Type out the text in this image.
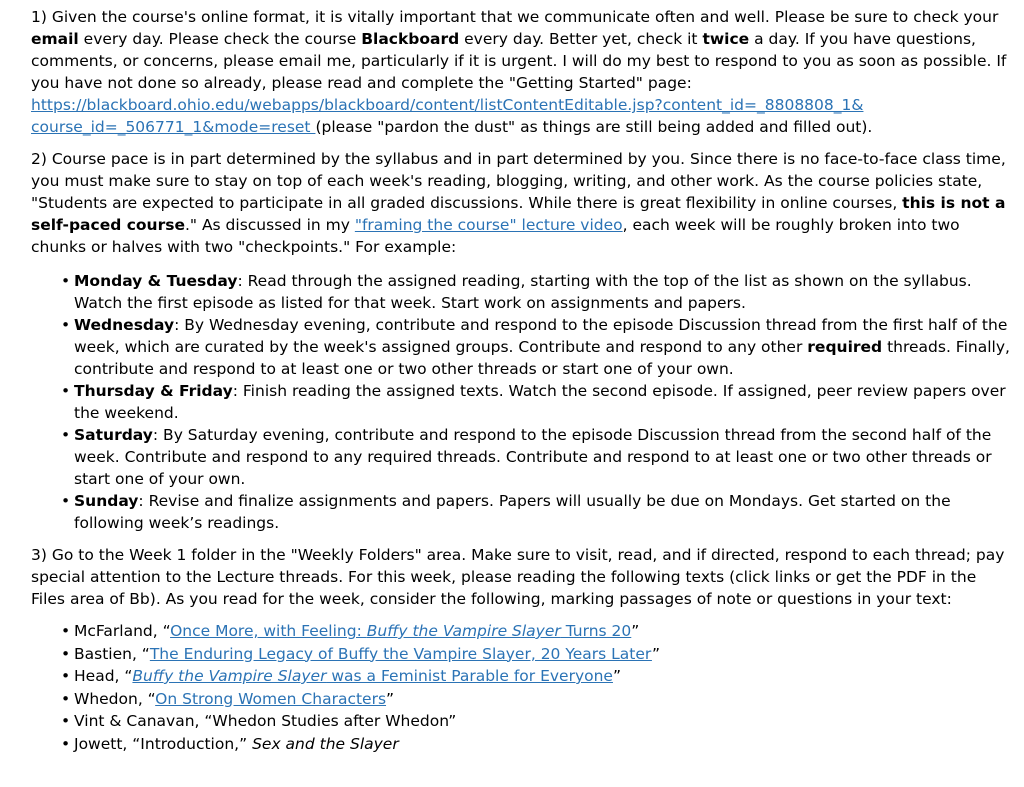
1) Given the course's online format, it is vitally important that we communicate often and well. Please be sure to check your email every day. Please check the course Blackboard every day. Better yet, check it twice a day. If you have questions, comments, or concerns, please email me, particularly if it is urgent. I will do my best to respond to you as soon as possible. If you have not done so already, please read and complete the "Getting Started" page: https://blackboard.ohio.edu/webapps/blackboard/content/listContentEditable.jsp?content_id=_8808808_1& course_id=_506771_1&mode=reset (please "pardon the dust" as things are still being added and filled out).

2) Course pace is in part determined by the syllabus and in part determined by you. Since there is no face-to-face class time, you must make sure to stay on top of each week's reading, blogging, writing, and other work. As the course policies state, "Students are expected to participate in all graded discussions. While there is great flexibility in online courses, this is not a self-paced course." As discussed in my "framing the course" lecture video, each week will be roughly broken into two chunks or halves with two "checkpoints." For example:

• Monday & Tuesday: Read through the assigned reading, starting with the top of the list as shown on the syllabus. Watch the first episode as listed for that week. Start work on assignments and papers.
• Wednesday: By Wednesday evening, contribute and respond to the episode Discussion thread from the first half of the week, which are curated by the week's assigned groups. Contribute and respond to any other required threads. Finally, contribute and respond to at least one or two other threads or start one of your own.
• Thursday & Friday: Finish reading the assigned texts. Watch the second episode. If assigned, peer review papers over the weekend.
• Saturday: By Saturday evening, contribute and respond to the episode Discussion thread from the second half of the week. Contribute and respond to any required threads. Contribute and respond to at least one or two other threads or start one of your own.
• Sunday: Revise and finalize assignments and papers. Papers will usually be due on Mondays. Get started on the following week’s readings.

3) Go to the Week 1 folder in the "Weekly Folders" area. Make sure to visit, read, and if directed, respond to each thread; pay special attention to the Lecture threads. For this week, please reading the following texts (click links or get the PDF in the Files area of Bb). As you read for the week, consider the following, marking passages of note or questions in your text:

• McFarland, “Once More, with Feeling: Buffy the Vampire Slayer Turns 20”
• Bastien, “The Enduring Legacy of Buffy the Vampire Slayer, 20 Years Later”
• Head, “Buffy the Vampire Slayer was a Feminist Parable for Everyone”
• Whedon, “On Strong Women Characters”
• Vint & Canavan, “Whedon Studies after Whedon”
• Jowett, “Introduction,” Sex and the Slayer
